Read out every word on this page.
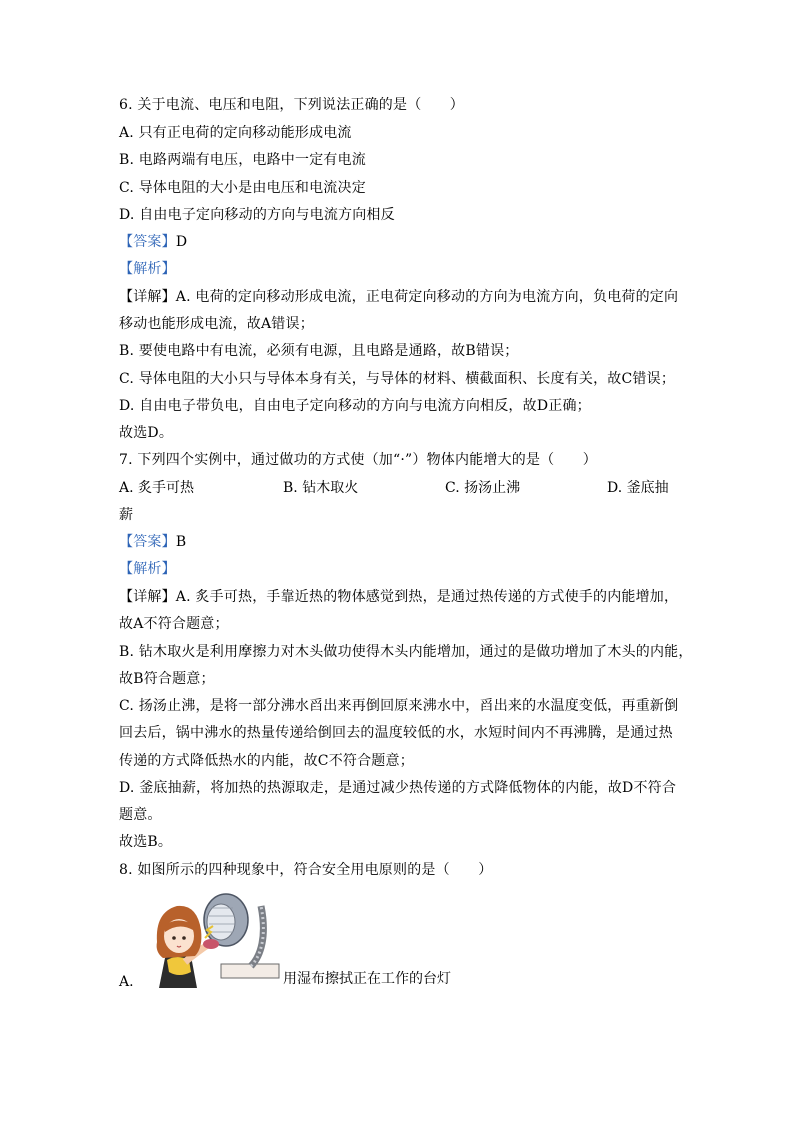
6. 关于电流、电压和电阻，下列说法正确的是（　　）
A. 只有正电荷的定向移动能形成电流
B. 电路两端有电压，电路中一定有电流
C. 导体电阻的大小是由电压和电流决定
D. 自由电子定向移动的方向与电流方向相反
【答案】D
【解析】
【详解】A. 电荷的定向移动形成电流，正电荷定向移动的方向为电流方向，负电荷的定向
移动也能形成电流，故A错误；
B. 要使电路中有电流，必须有电源，且电路是通路，故B错误；
C. 导体电阻的大小只与导体本身有关，与导体的材料、横截面积、长度有关，故C错误；
D. 自由电子带负电，自由电子定向移动的方向与电流方向相反，故D正确；
故选D。
7. 下列四个实例中，通过做功的方式使（加“·”）物体内能增大的是（　　）
A. 炙手可热	B. 钻木取火	C. 扬汤止沸	D. 釜底抽
薪
【答案】B
【解析】
【详解】A. 炙手可热，手靠近热的物体感觉到热，是通过热传递的方式使手的内能增加，
故A不符合题意；
B. 钻木取火是利用摩擦力对木头做功使得木头内能增加，通过的是做功增加了木头的内能，
故B符合题意；
C. 扬汤止沸，是将一部分沸水舀出来再倒回原来沸水中，舀出来的水温度变低，再重新倒
回去后，锅中沸水的热量传递给倒回去的温度较低的水，水短时间内不再沸腾，是通过热
传递的方式降低热水的内能，故C不符合题意；
D. 釜底抽薪，将加热的热源取走，是通过减少热传递的方式降低物体的内能，故D不符合
题意。
故选B。
8. 如图所示的四种现象中，符合安全用电原则的是（　　）
A.	用湿布擦拭正在工作的台灯
